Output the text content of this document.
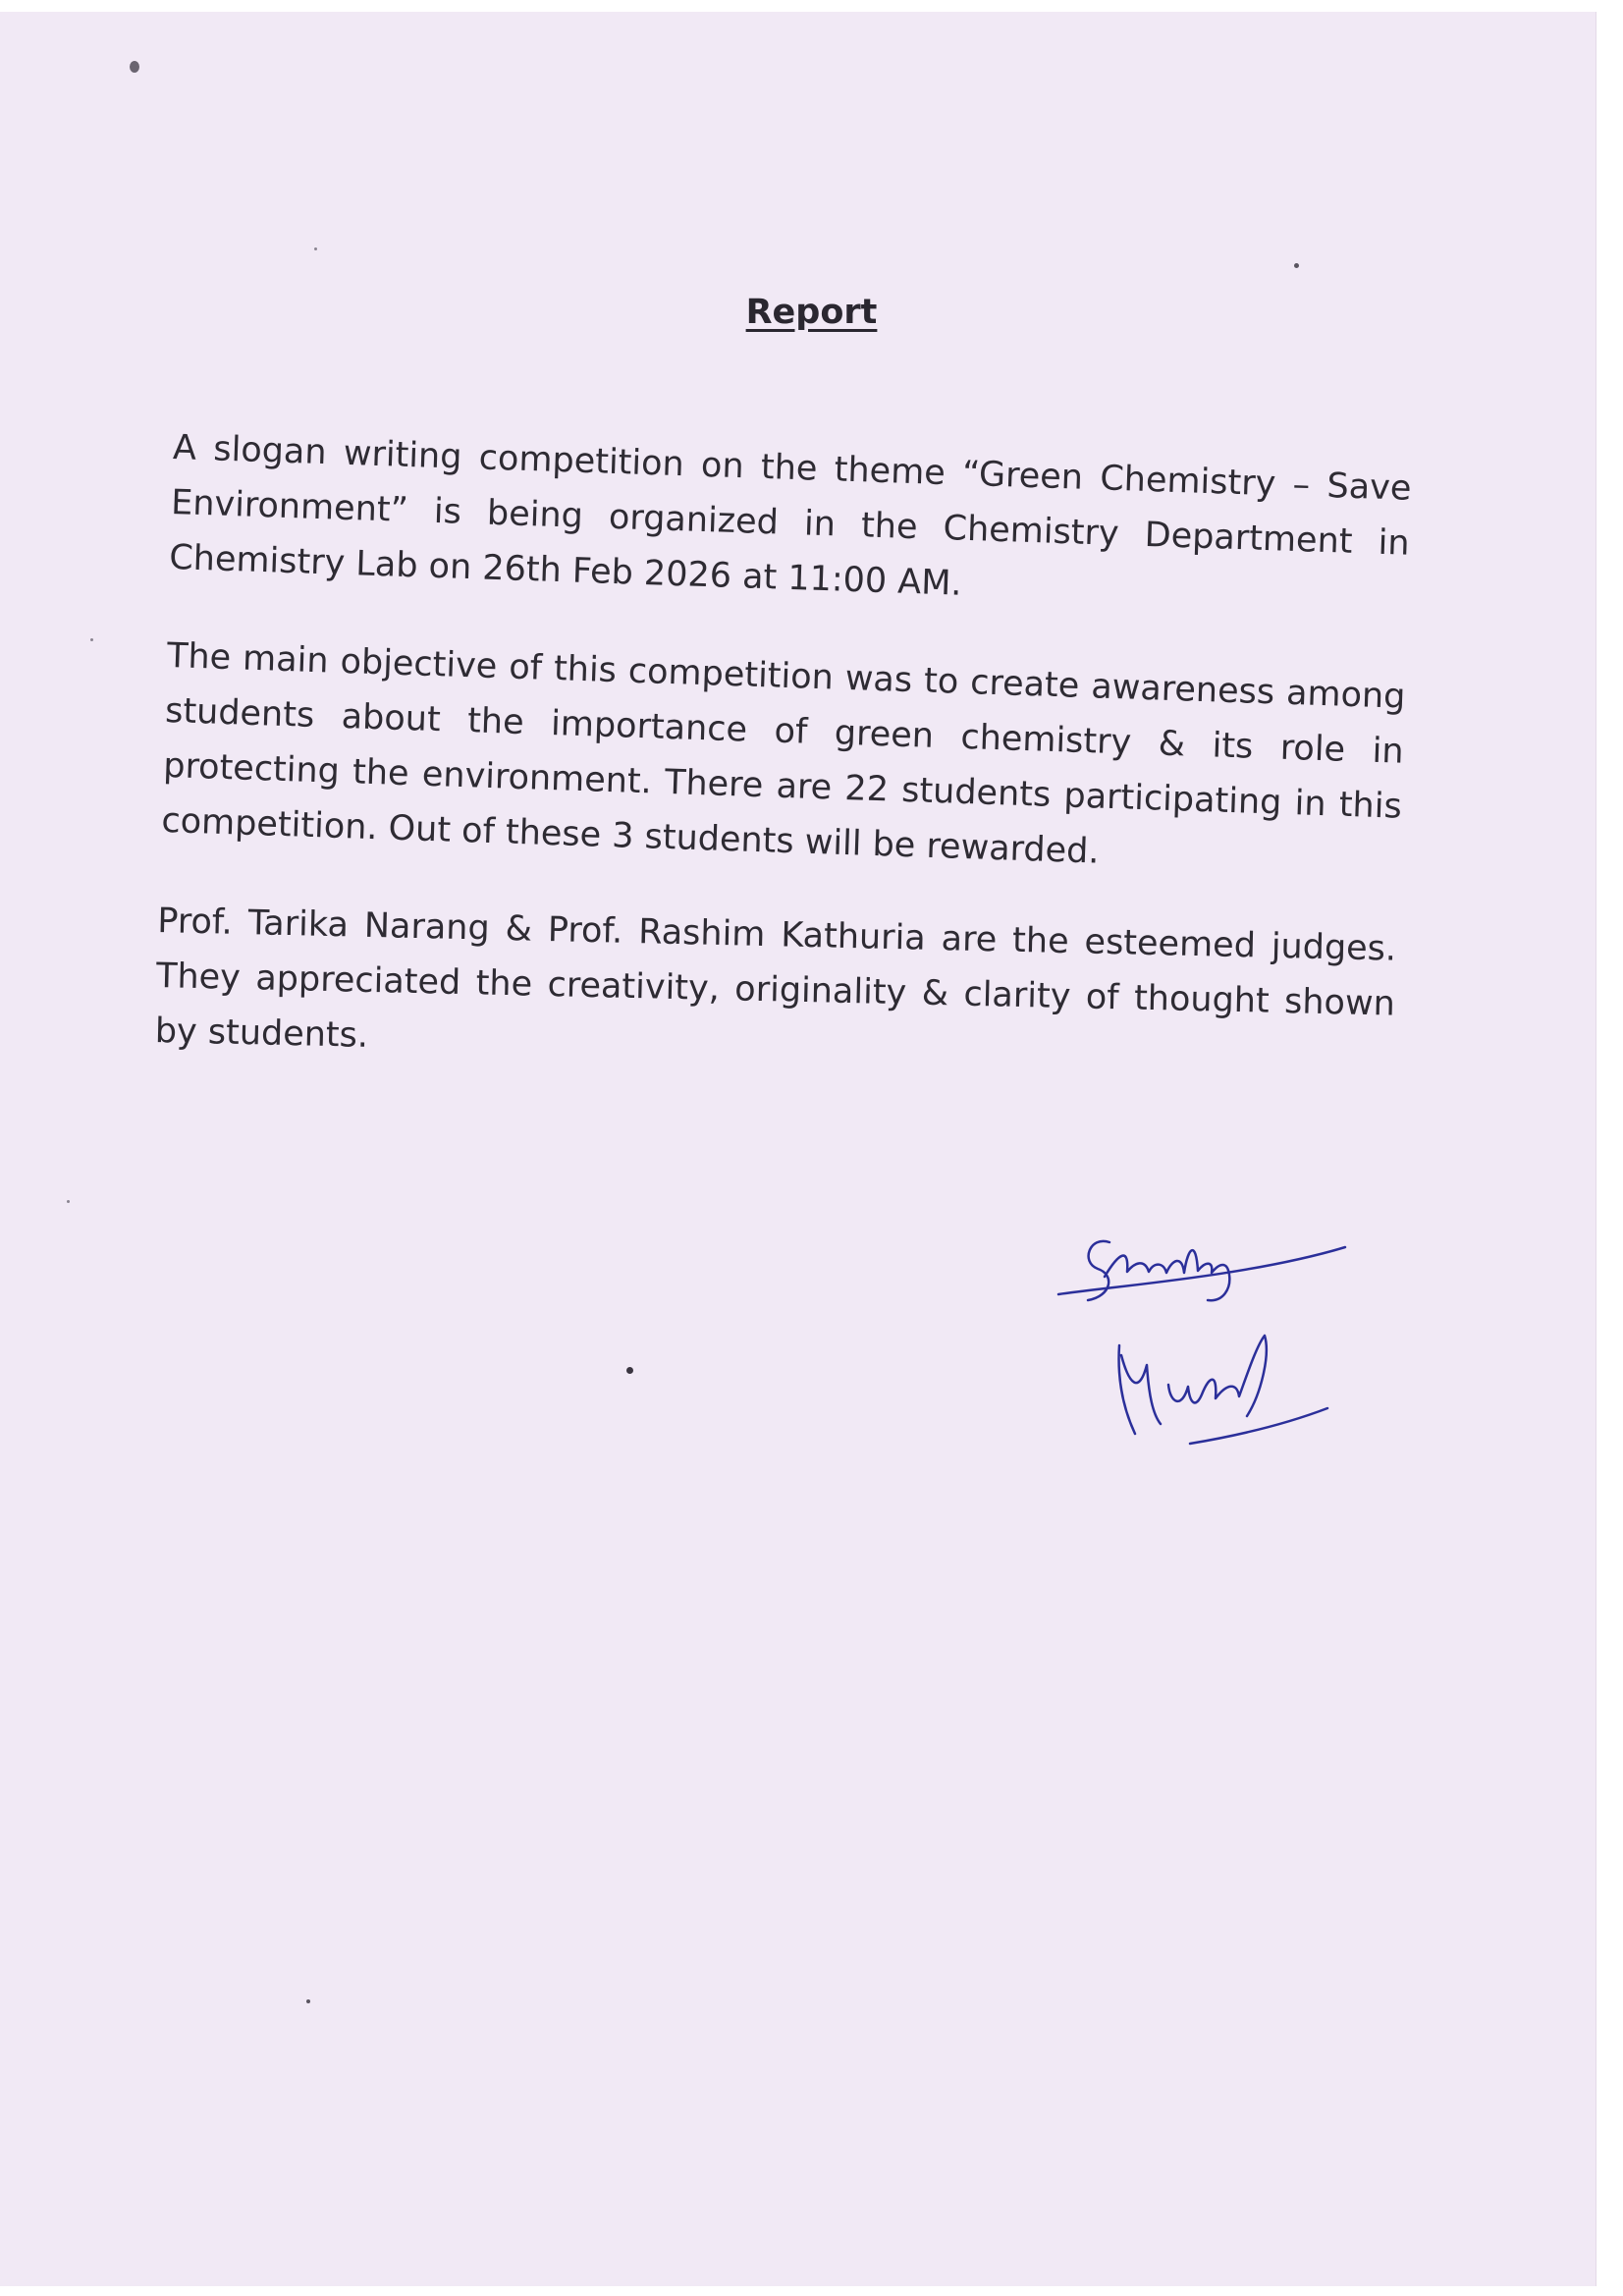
Report

A slogan writing competition on the theme “Green Chemistry – Save Environment” is being organized in the Chemistry Department in Chemistry Lab on 26th Feb 2026 at 11:00 AM.

The main objective of this competition was to create awareness among students about the importance of green chemistry & its role in protecting the environment. There are 22 students participating in this competition. Out of these 3 students will be rewarded.

Prof. Tarika Narang & Prof. Rashim Kathuria are the esteemed judges. They appreciated the creativity, originality & clarity of thought shown by students.
